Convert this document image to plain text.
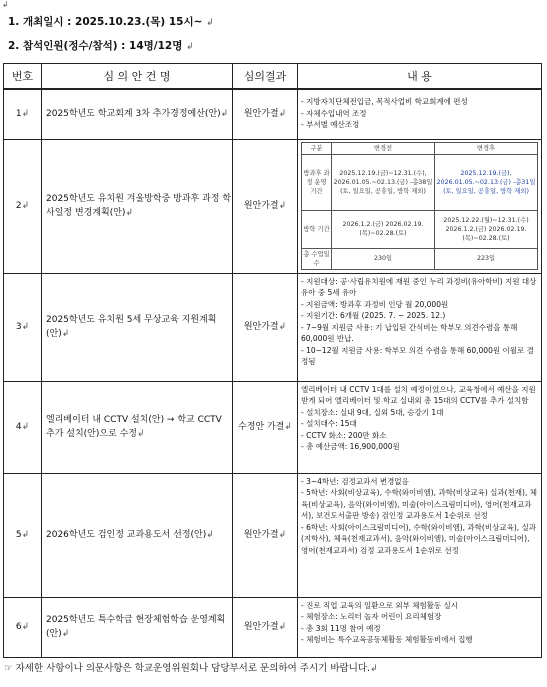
↲
1. 개최일시 : 2025.10.23.(목) 15시~ ↲
2. 참석인원(정수/참석) : 14명/12명 ↲
번호	심 의 안 건 명	심의결과	내 용
1↲	2025학년도 학교회계 3차 추가경정예산(안)↲	원안가결↲	
- 지방자치단체전입금, 목적사업비 학교회계에 편성
- 자체수입내역 조정
- 부서별 예산조정

2↲	2025학년도 유치원 겨울방학중 방과후 과정 학사일정 변경계획(안)↲	원안가결↲	
구분	변경전	변경후
방과후 과정 운영 기간	2025.12.19.(금)~12.31.(수), 2026.01.05.~02.13.(금) -총38일 (토, 일요일, 공휴일, 방학 제외)	2025.12.19.(금), 2026.01.05.~02.13.(금) -총31일 (토, 일요일, 공휴일, 방학 제외)
방학 기간	2026.1.2.(금) 2026.02.19.(목)~02.28.(토)	2025.12.22.(월)~12.31.(수) 2026.1.2.(금) 2026.02.19.(목)~02.28.(토)
총 수업일수	230일	223일

3↲	2025학년도 유치원 5세 무상교육 지원계획(안)↲	원안가결↲	
- 지원대상: 공·사립유치원에 재원 중인 누리 과정비(유아학비) 지원 대상 유아 중 5세 유아
- 지원금액: 방과후 과정비 인당 월 20,000원
- 지원기간: 6개월 (2025. 7. ~ 2025. 12.)
- 7~9월 지원금 사용: 기 납입된 간식비는 학부모 의견수렴을 통해 60,000원 반납.
- 10~12월 지원금 사용: 학부모 의견 수렴을 통해 60,000원 이월로 결정됨

4↲	엘리베이터 내 CCTV 설치(안) → 학교 CCTV 추가 설치(안)으로 수정↲	수정안 가결↲	
엘리베이터 내 CCTV 1대를 설치 예정이었으나, 교육청에서 예산을 지원 받게 되어 엘리베이터 및 학교 실내외 총 15대의 CCTV를 추가 설치함
- 설치장소: 실내 9대, 실외 5대, 승강기 1대
- 설치대수: 15대
- CCTV 화소: 200만 화소
- 총 예산금액: 16,900,000원

5↲	2026학년도 검인정 교과용도서 선정(안)↲	원안가결↲	
- 3~4학년: 검정교과서 변경없음
- 5학년: 사회(비상교육), 수학(와이비엠), 과학(비상교육) 실과(천재), 체육(비상교육), 음악(와이비엠), 미술(아이스크림미디어), 영어(천재교과서), 보건도서출판 방송) 검인정 교과용도서 1순위로 선정
- 6학년: 사회(아이스크림미디어), 수학(와이비엠), 과학(비상교육), 실과(지학사), 체육(천재교과서), 음악(와이비엠), 미술(아이스크림미디어), 영어(천재교과서) 검정 교과용도서 1순위로 선정

6↲	2025학년도 특수학급 현장체험학습 운영계획(안)↲	원안가결↲	
- 진로 직업 교육의 일환으로 외부 체험활동 실시
- 체험장소: 노리터 놀자 어린이 요리체험장
- 총 3회 11명 참여 예정
- 체험비는 특수교육공동체활동 체험활동비에서 집행
☞ 자세한 사항이나 의문사항은 학교운영위원회나 담당부서로 문의하여 주시기 바랍니다.↲
